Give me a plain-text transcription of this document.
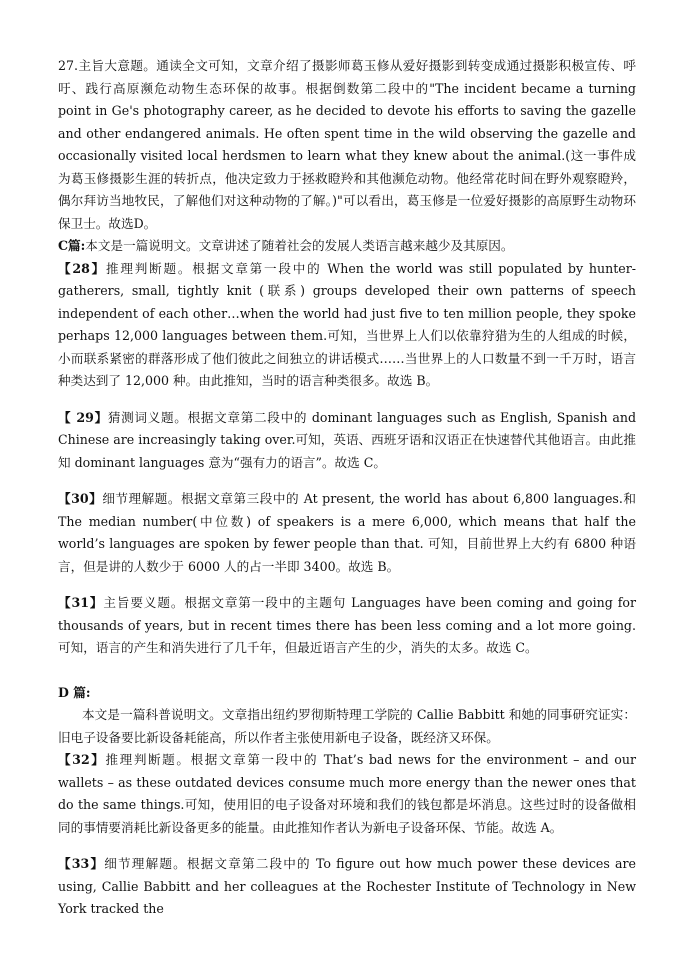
27.主旨大意题。通读全文可知，文章介绍了摄影师葛玉修从爱好摄影到转变成通过摄影积极宣传、呼吁、践行高原濒危动物生态环保的故事。根据倒数第二段中的"The incident became a turning point in Ge's photography career, as he decided to devote his efforts to saving the gazelle and other endangered animals. He often spent time in the wild observing the gazelle and occasionally visited local herdsmen to learn what they knew about the animal.(这一事件成为葛玉修摄影生涯的转折点，他决定致力于拯救瞪羚和其他濒危动物。他经常花时间在野外观察瞪羚，偶尔拜访当地牧民，了解他们对这种动物的了解。)"可以看出，葛玉修是一位爱好摄影的高原野生动物环保卫士。故选D。

C篇:本文是一篇说明文。文章讲述了随着社会的发展人类语言越来越少及其原因。

【28】推理判断题。根据文章第一段中的 When the world was still populated by hunter-gatherers, small, tightly knit (联系) groups developed their own patterns of speech independent of each other…when the world had just five to ten million people, they spoke perhaps 12,000 languages between them.可知，当世界上人们以依靠狩猎为生的人组成的时候，小而联系紧密的群落形成了他们彼此之间独立的讲话模式……当世界上的人口数量不到一千万时，语言种类达到了 12,000 种。由此推知，当时的语言种类很多。故选 B。

【 29】猜测词义题。根据文章第二段中的 dominant languages such as English, Spanish and Chinese are increasingly taking over.可知，英语、西班牙语和汉语正在快速替代其他语言。由此推知 dominant languages 意为“强有力的语言”。故选 C。

【30】细节理解题。根据文章第三段中的 At present, the world has about 6,800 languages.和 The median number(中位数) of speakers is a mere 6,000, which means that half the world’s languages are spoken by fewer people than that. 可知，目前世界上大约有 6800 种语言，但是讲的人数少于 6000 人的占一半即 3400。故选 B。

【31】主旨要义题。根据文章第一段中的主题句 Languages have been coming and going for thousands of years, but in recent times there has been less coming and a lot more going.可知，语言的产生和消失进行了几千年，但最近语言产生的少，消失的太多。故选 C。

D 篇:

本文是一篇科普说明文。文章指出纽约罗彻斯特理工学院的 Callie Babbitt 和她的同事研究证实：旧电子设备要比新设备耗能高，所以作者主张使用新电子设备，既经济又环保。

【32】推理判断题。根据文章第一段中的 That’s bad news for the environment – and our wallets – as these outdated devices consume much more energy than the newer ones that do the same things.可知，使用旧的电子设备对环境和我们的钱包都是坏消息。这些过时的设备做相同的事情要消耗比新设备更多的能量。由此推知作者认为新电子设备环保、节能。故选 A。

【33】细节理解题。根据文章第二段中的 To figure out how much power these devices are using, Callie Babbitt and her colleagues at the Rochester Institute of Technology in New York tracked the
